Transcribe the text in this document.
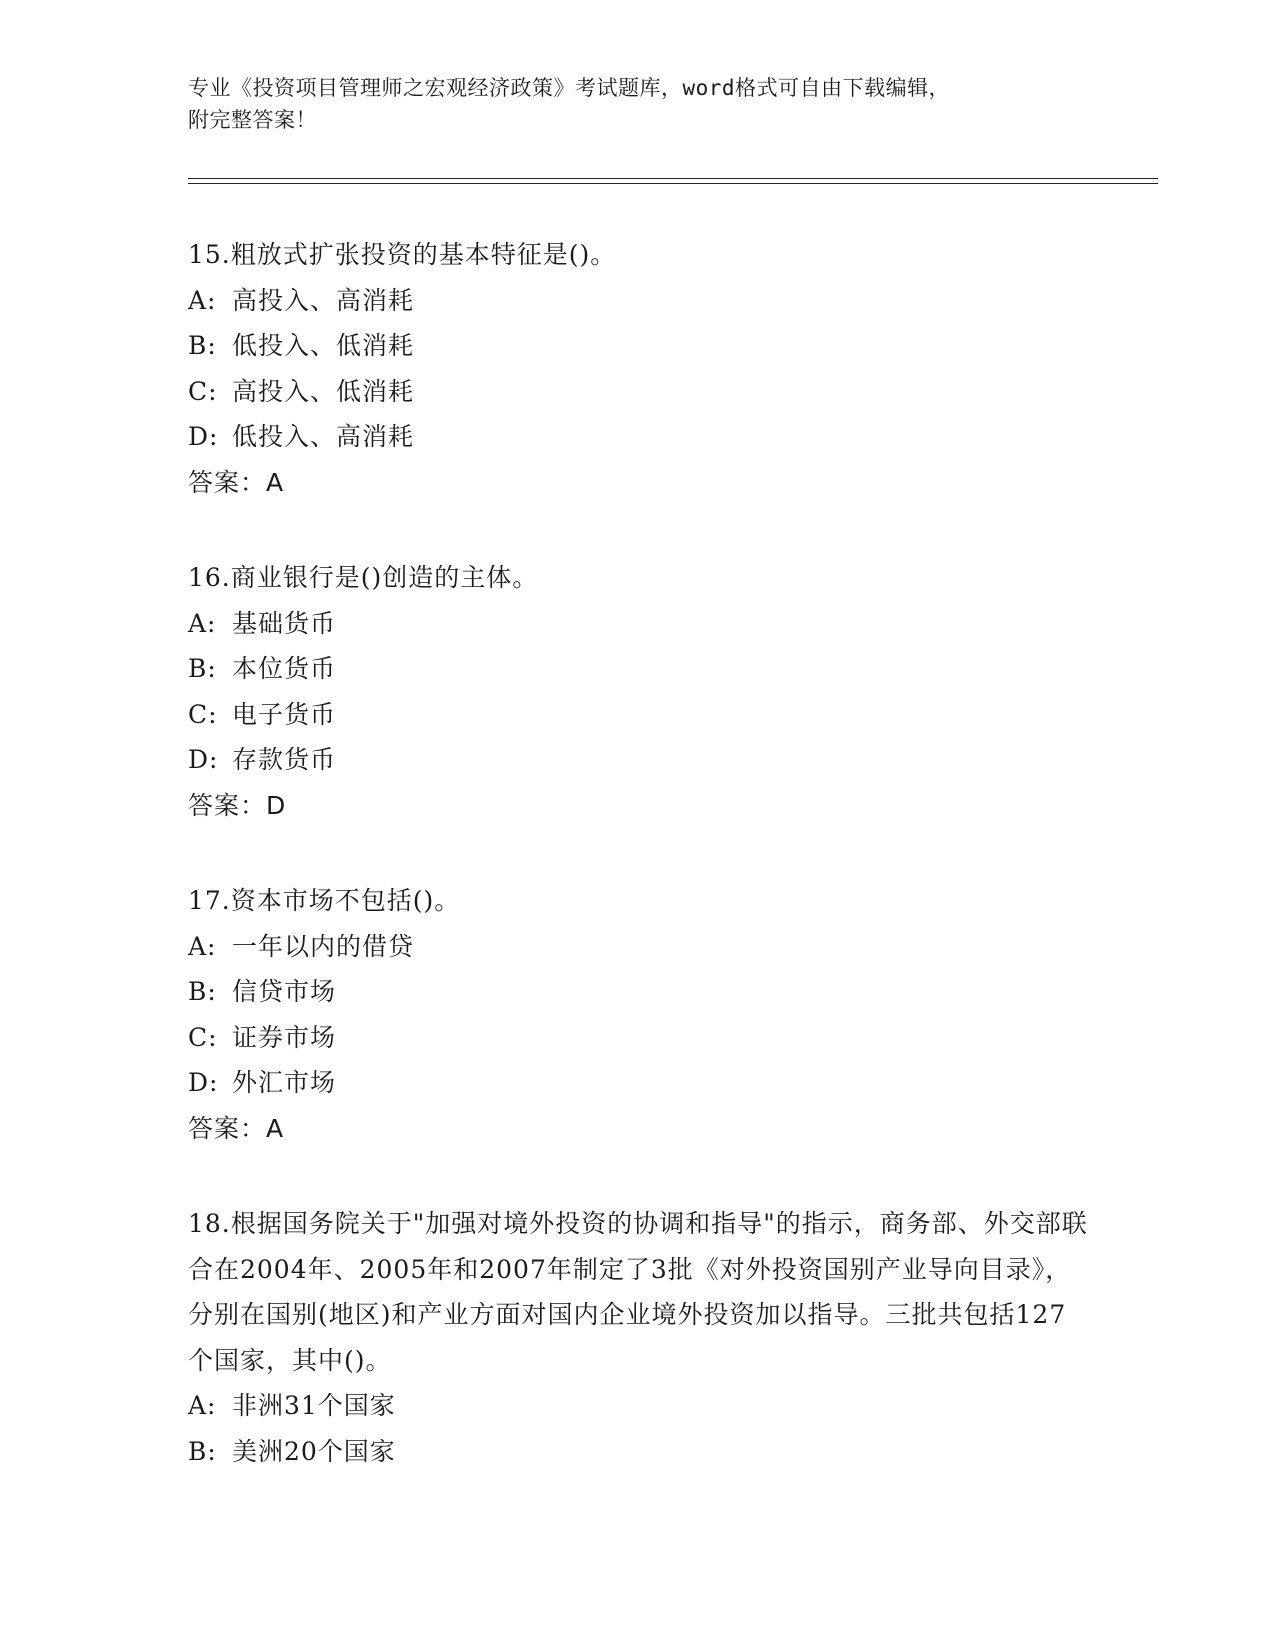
专业《投资项目管理师之宏观经济政策》考试题库，word格式可自由下载编辑，
附完整答案！

15.粗放式扩张投资的基本特征是()。

A: 高投入、高消耗

B: 低投入、低消耗

C: 高投入、低消耗

D: 低投入、高消耗

答案：A

16.商业银行是()创造的主体。

A: 基础货币

B: 本位货币

C: 电子货币

D: 存款货币

答案：D

17.资本市场不包括()。

A: 一年以内的借贷

B: 信贷市场

C: 证券市场

D: 外汇市场

答案：A

18.根据国务院关于"加强对境外投资的协调和指导"的指示，商务部、外交部联合在2004年、2005年和2007年制定了3批《对外投资国别产业导向目录》，分别在国别(地区)和产业方面对国内企业境外投资加以指导。三批共包括127个国家，其中()。

A: 非洲31个国家

B: 美洲20个国家
